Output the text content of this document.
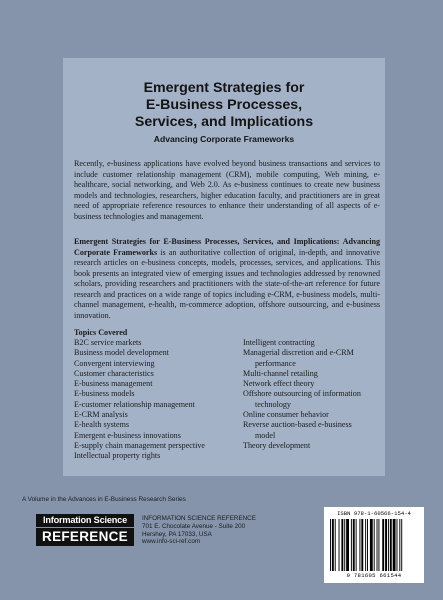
Emergent Strategies for
E-Business Processes,
Services, and Implications
Advancing Corporate Frameworks
Recently, e-business applications have evolved beyond business transactions and services to include customer relationship management (CRM), mobile computing, Web mining, e-healthcare, social networking, and Web 2.0. As e-business continues to create new business models and technologies, researchers, higher education faculty, and practitioners are in great need of appropriate reference resources to enhance their understanding of all aspects of e-business technologies and management.
Emergent Strategies for E-Business Processes, Services, and Implications: Advancing Corporate Frameworks is an authoritative collection of original, in-depth, and innovative research articles on e-business concepts, models, processes, services, and applications. This book presents an integrated view of emerging issues and technologies addressed by renowned scholars, providing researchers and practitioners with the state-of-the-art reference for future research and practices on a wide range of topics including e-CRM, e-business models, multi-channel management, e-health, m-commerce adoption, offshore outsourcing, and e-business innovation.
Topics Covered
B2C service markets
Business model development
Convergent interviewing
Customer characteristics
E-business management
E-business models
E-customer relationship management
E-CRM analysis
E-health systems
Emergent e-business innovations
E-supply chain management perspective
Intellectual property rights
Intelligent contracting
Managerial discretion and e-CRM
performance
Multi-channel retailing
Network effect theory
Offshore outsourcing of information
technology
Online consumer behavior
Reverse auction-based e-business
model
Theory development
A Volume in the Advances in E-Business Research Series
Information Science
REFERENCE
INFORMATION SCIENCE REFERENCE
701 E. Chocolate Avenue - Suite 200
Hershey, PA 17033, USA
www.info-sci-ref.com
ISBN 978-1-60566-154-4
9 781605 661544
